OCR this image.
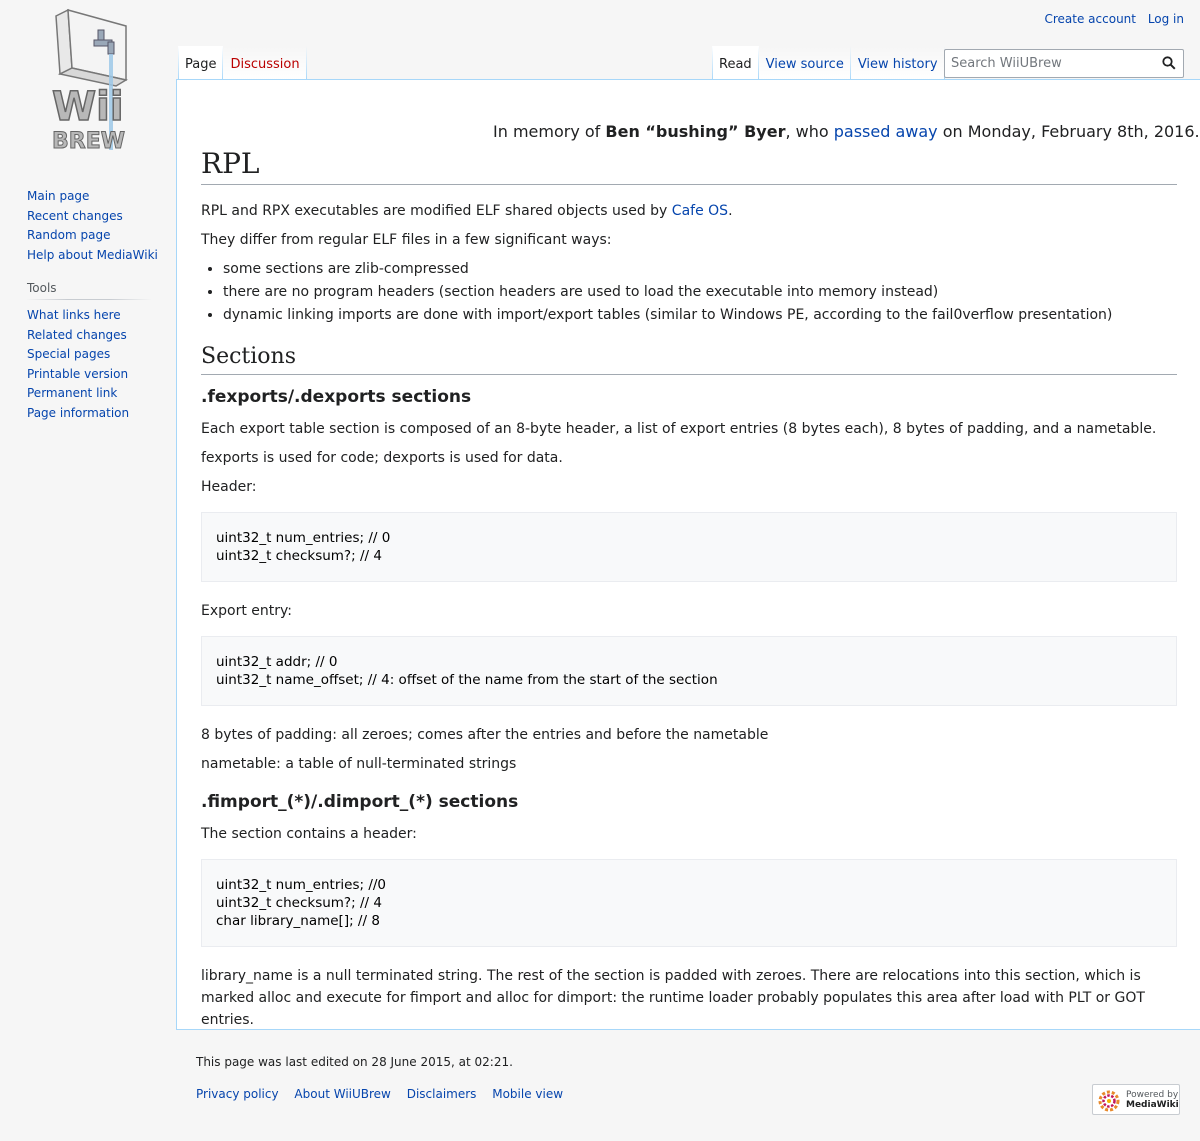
Wii
BREW
Create account Log in
Page	Discussion	Read	View source	View history	Search WiiUBrew
Main page
Recent changes
Random page
Help about MediaWiki
Tools
What links here
Related changes
Special pages
Printable version
Permanent link
Page information
In memory of Ben “bushing” Byer, who passed away on Monday, February 8th, 2016.
RPL

RPL and RPX executables are modified ELF shared objects used by Cafe OS.

They differ from regular ELF files in a few significant ways:

• some sections are zlib-compressed
• there are no program headers (section headers are used to load the executable into memory instead)
• dynamic linking imports are done with import/export tables (similar to Windows PE, according to the fail0verflow presentation)
Sections
.fexports/.dexports sections

Each export table section is composed of an 8-byte header, a list of export entries (8 bytes each), 8 bytes of padding, and a nametable.

fexports is used for code; dexports is used for data.

Header:

uint32_t num_entries; // 0
uint32_t checksum?; // 4

Export entry:

uint32_t addr; // 0
uint32_t name_offset; // 4: offset of the name from the start of the section

8 bytes of padding: all zeroes; comes after the entries and before the nametable

nametable: a table of null-terminated strings

.fimport_(*)/.dimport_(*) sections

The section contains a header:

uint32_t num_entries; //0
uint32_t checksum?; // 4
char library_name[]; // 8

library_name is a null terminated string. The rest of the section is padded with zeroes. There are relocations into this section, which is marked alloc and execute for fimport and alloc for dimport: the runtime loader probably populates this area after load with PLT or GOT entries.

This page was last edited on 28 June 2015, at 02:21.
Privacy policy About WiiUBrew Disclaimers Mobile view	Powered by
MediaWiki
